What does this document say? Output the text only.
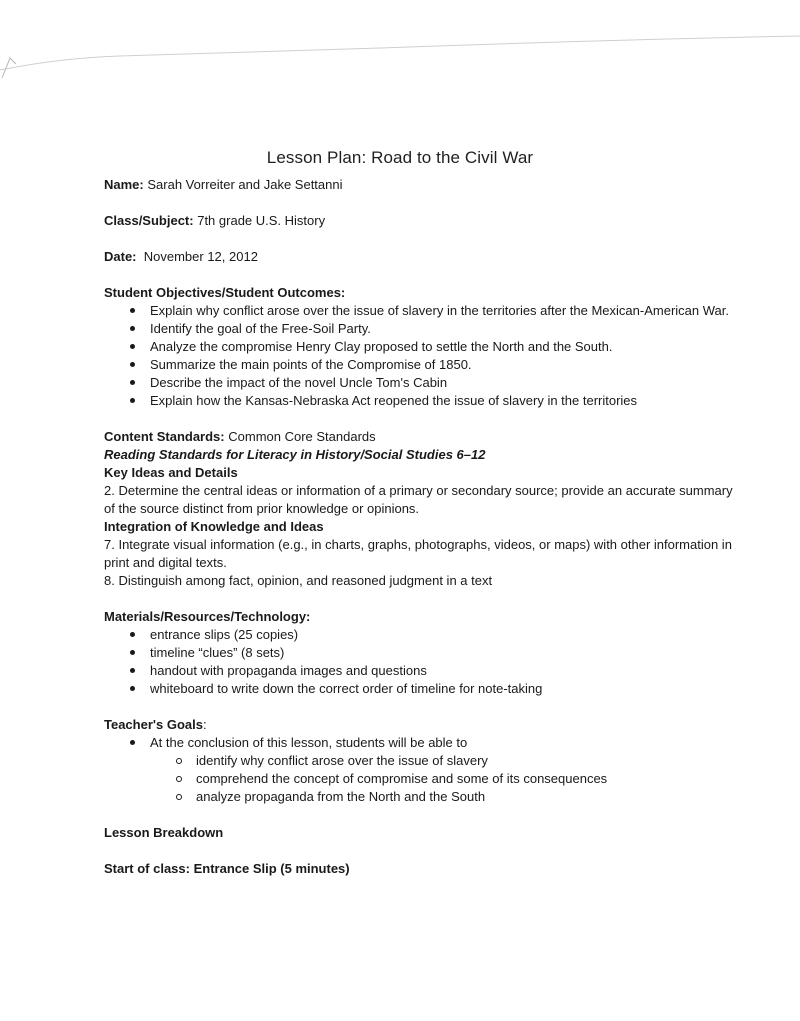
Lesson Plan: Road to the Civil War

Name: Sarah Vorreiter and Jake Settanni

Class/Subject: 7th grade U.S. History

Date: November 12, 2012

Student Objectives/Student Outcomes:

Explain why conflict arose over the issue of slavery in the territories after the Mexican-American War.
Identify the goal of the Free-Soil Party.
Analyze the compromise Henry Clay proposed to settle the North and the South.
Summarize the main points of the Compromise of 1850.
Describe the impact of the novel Uncle Tom's Cabin
Explain how the Kansas-Nebraska Act reopened the issue of slavery in the territories

Content Standards: Common Core Standards

Reading Standards for Literacy in History/Social Studies 6–12

Key Ideas and Details

2. Determine the central ideas or information of a primary or secondary source; provide an accurate summary of the source distinct from prior knowledge or opinions.

Integration of Knowledge and Ideas

7. Integrate visual information (e.g., in charts, graphs, photographs, videos, or maps) with other information in print and digital texts.

8. Distinguish among fact, opinion, and reasoned judgment in a text

Materials/Resources/Technology:

entrance slips (25 copies)
timeline “clues” (8 sets)
handout with propaganda images and questions
whiteboard to write down the correct order of timeline for note-taking

Teacher's Goals:

At the conclusion of this lesson, students will be able to
identify why conflict arose over the issue of slavery
comprehend the concept of compromise and some of its consequences
analyze propaganda from the North and the South

Lesson Breakdown

Start of class: Entrance Slip (5 minutes)
